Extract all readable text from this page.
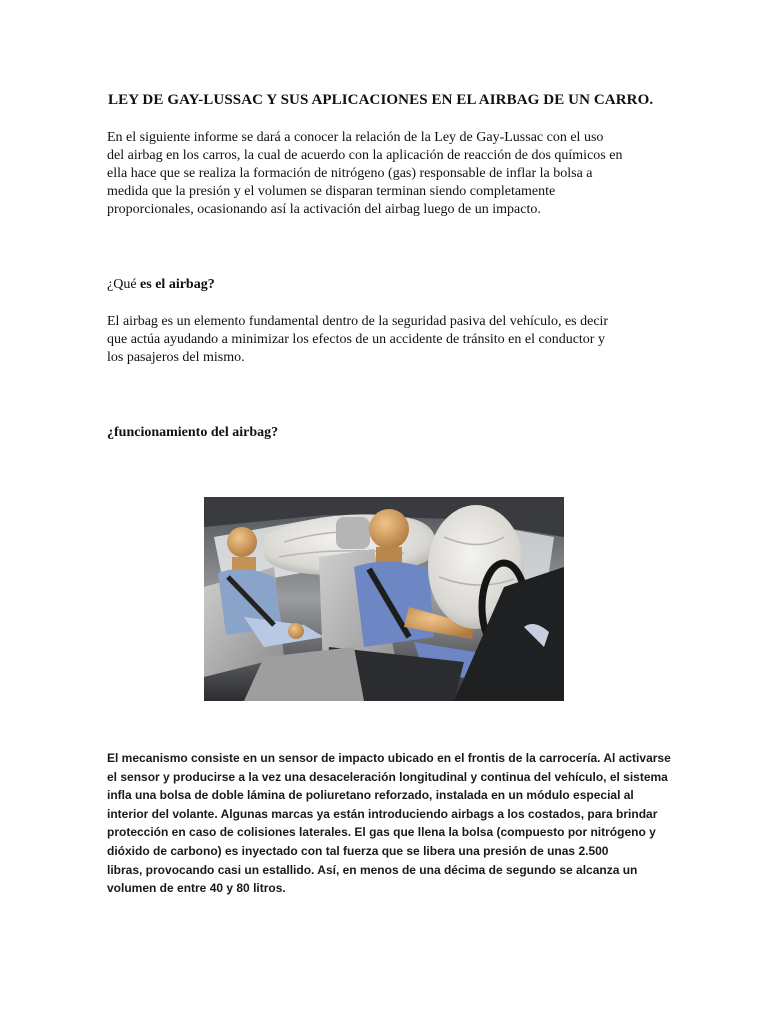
LEY DE GAY-LUSSAC Y SUS APLICACIONES EN EL AIRBAG DE UN CARRO.
En el siguiente informe se dará a conocer la relación de la Ley de Gay-Lussac con el uso
del airbag en los carros, la cual de acuerdo con la aplicación de reacción de dos químicos en
ella hace que se realiza la formación de nitrógeno (gas) responsable de inflar la bolsa a
medida que la presión y el volumen se disparan terminan siendo completamente
proporcionales, ocasionando así la activación del airbag luego de un impacto.
¿Qué es el airbag?
El airbag es un elemento fundamental dentro de la seguridad pasiva del vehículo, es decir
que actúa ayudando a minimizar los efectos de un accidente de tránsito en el conductor y
los pasajeros del mismo.
¿funcionamiento del airbag?
El mecanismo consiste en un sensor de impacto ubicado en el frontis de la carrocería. Al activarse
el sensor y producirse a la vez una desaceleración longitudinal y continua del vehículo, el sistema
infla una bolsa de doble lámina de poliuretano reforzado, instalada en un módulo especial al
interior del volante. Algunas marcas ya están introduciendo airbags a los costados, para brindar
protección en caso de colisiones laterales. El gas que llena la bolsa (compuesto por nitrógeno y
dióxido de carbono) es inyectado con tal fuerza que se libera una presión de unas 2.500
libras, provocando casi un estallido. Así, en menos de una décima de segundo se alcanza un
volumen de entre 40 y 80 litros.
